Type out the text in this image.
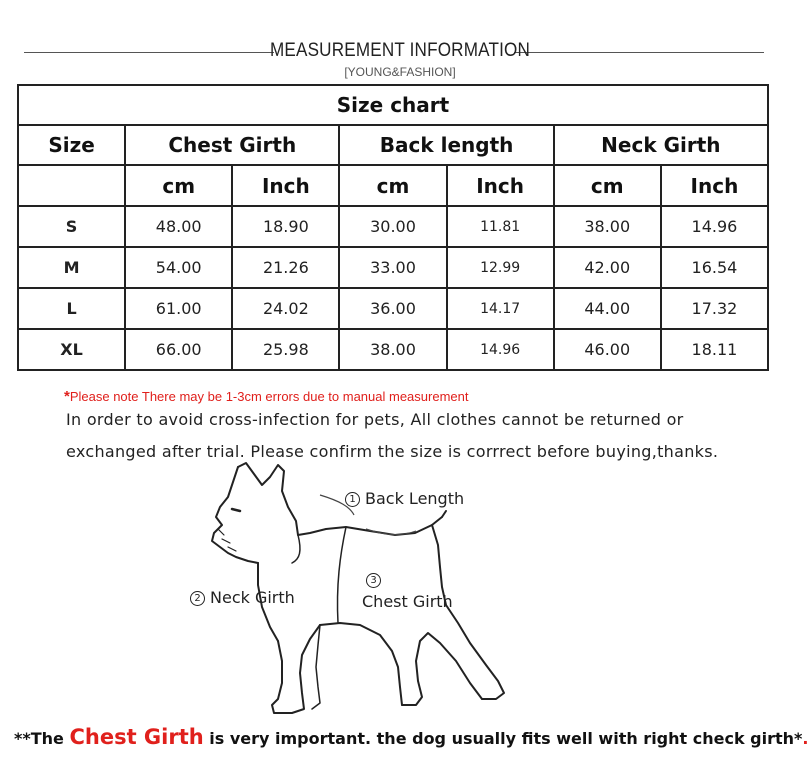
MEASUREMENT INFORMATION
[YOUNG&FASHION]
Size chart						
Size	Chest Girth		Back length		Neck Girth	
	cm	Inch	cm	Inch	cm	Inch
S	48.00	18.90	30.00	11.81	38.00	14.96
M	54.00	21.26	33.00	12.99	42.00	16.54
L	61.00	24.02	36.00	14.17	44.00	17.32
XL	66.00	25.98	38.00	14.96	46.00	18.11
*Please note There may be 1-3cm errors due to manual measurement
In order to avoid cross-infection for pets, All clothes cannot be returned or
exchanged after trial. Please confirm the size is corrrect before buying,thanks.
1 Back Length
2 Neck Girth
3
Chest Girth
**The Chest Girth is very important. the dog usually fits well with right check girth*.
